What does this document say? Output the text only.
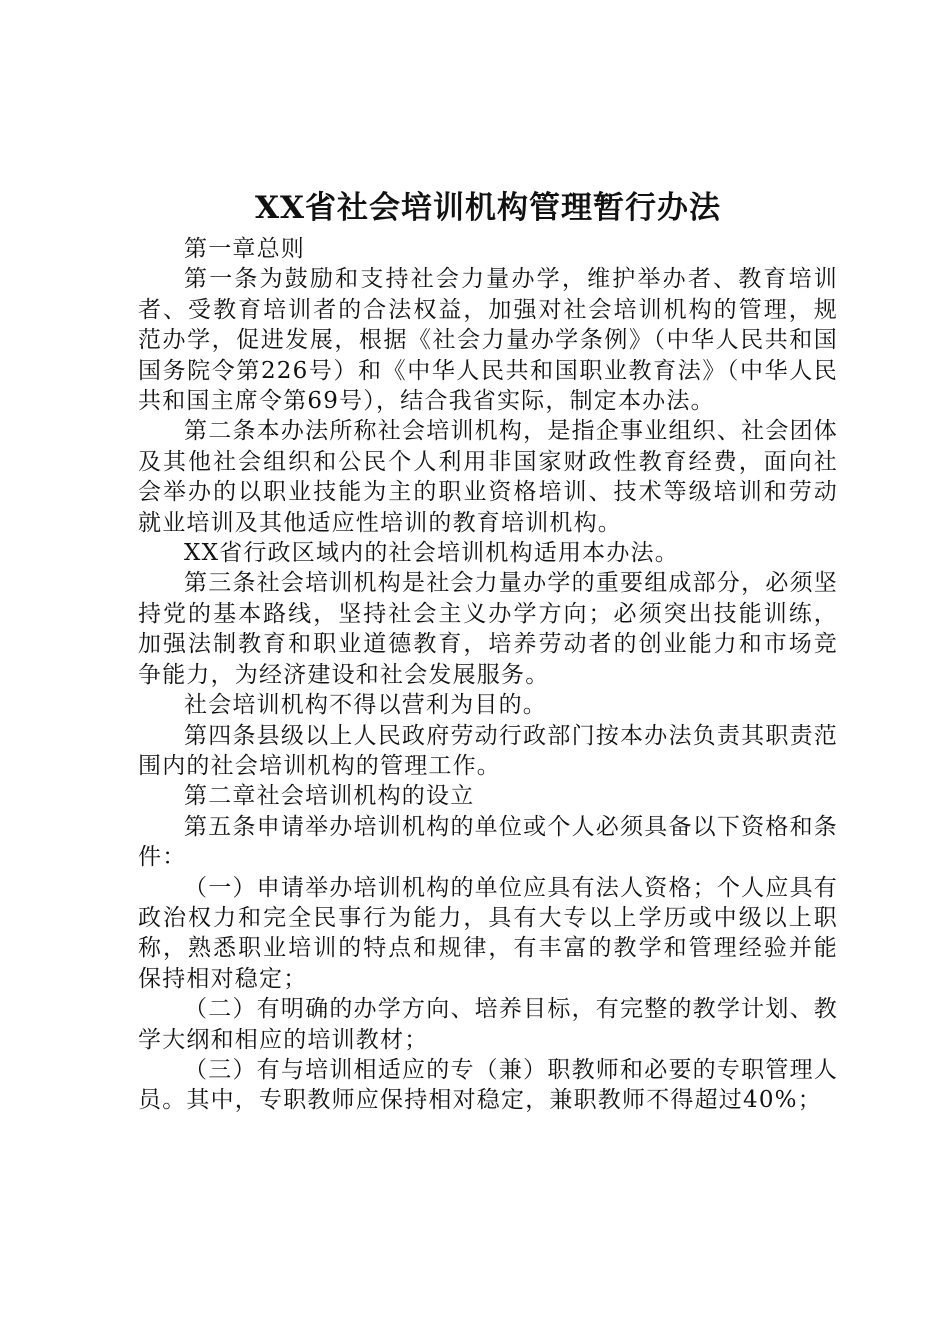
XX省社会培训机构管理暂行办法

第一章总则

第一条为鼓励和支持社会力量办学，维护举办者、教育培训者、受教育培训者的合法权益，加强对社会培训机构的管理，规范办学，促进发展，根据《社会力量办学条例》（中华人民共和国国务院令第226号）和《中华人民共和国职业教育法》（中华人民共和国主席令第69号），结合我省实际，制定本办法。

第二条本办法所称社会培训机构，是指企事业组织、社会团体及其他社会组织和公民个人利用非国家财政性教育经费，面向社会举办的以职业技能为主的职业资格培训、技术等级培训和劳动就业培训及其他适应性培训的教育培训机构。

XX省行政区域内的社会培训机构适用本办法。

第三条社会培训机构是社会力量办学的重要组成部分，必须坚持党的基本路线，坚持社会主义办学方向；必须突出技能训练，加强法制教育和职业道德教育，培养劳动者的创业能力和市场竞争能力，为经济建设和社会发展服务。

社会培训机构不得以营利为目的。

第四条县级以上人民政府劳动行政部门按本办法负责其职责范围内的社会培训机构的管理工作。

第二章社会培训机构的设立

第五条申请举办培训机构的单位或个人必须具备以下资格和条件：

（一）申请举办培训机构的单位应具有法人资格；个人应具有政治权力和完全民事行为能力，具有大专以上学历或中级以上职称，熟悉职业培训的特点和规律，有丰富的教学和管理经验并能保持相对稳定；

（二）有明确的办学方向、培养目标，有完整的教学计划、教学大纲和相应的培训教材；

（三）有与培训相适应的专（兼）职教师和必要的专职管理人员。其中，专职教师应保持相对稳定，兼职教师不得超过40%；
